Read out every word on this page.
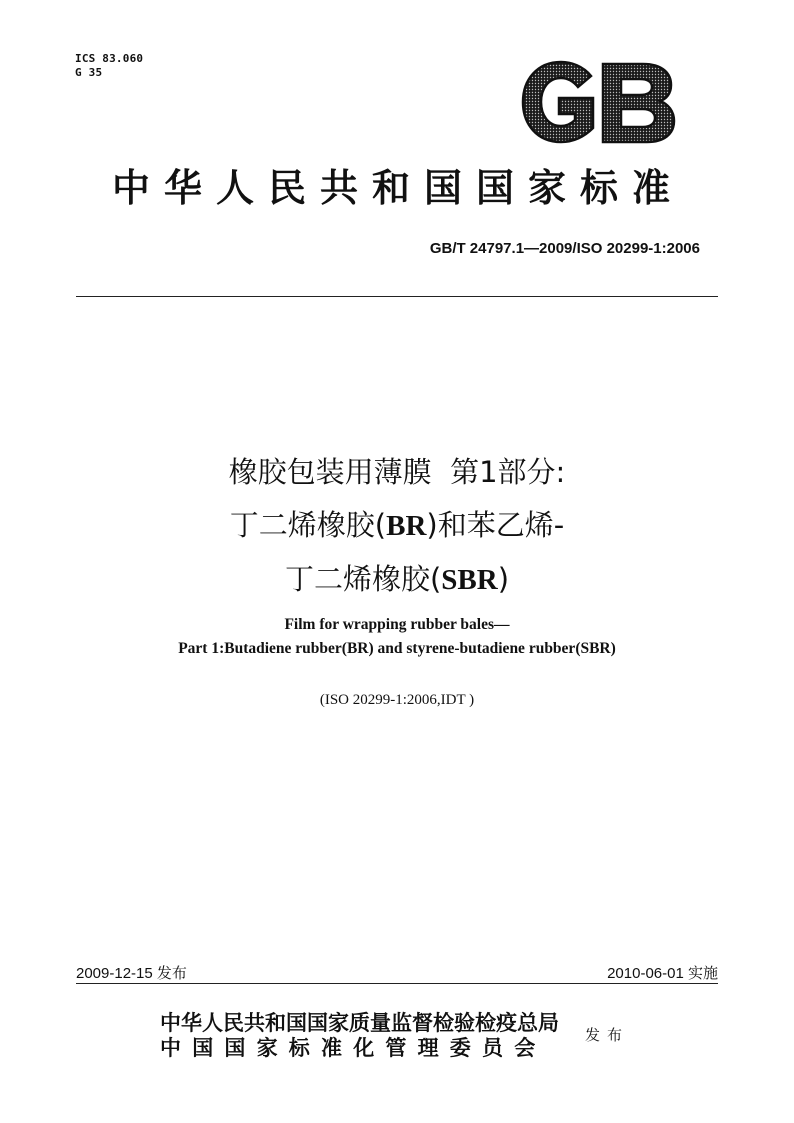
ICS 83.060
G 35
中华人民共和国国家标准
GB/T 24797.1—2009/ISO 20299-1:2006
橡胶包装用薄膜  第1部分:
丁二烯橡胶(BR)和苯乙烯-
丁二烯橡胶(SBR)
Film for wrapping rubber bales—
Part 1:Butadiene rubber(BR) and styrene-butadiene rubber(SBR)
(ISO 20299-1:2006,IDT )
2009-12-15 发布	2010-06-01 实施
中华人民共和国国家质量监督检验检疫总局
中国国家标准化管理委员会	发布
